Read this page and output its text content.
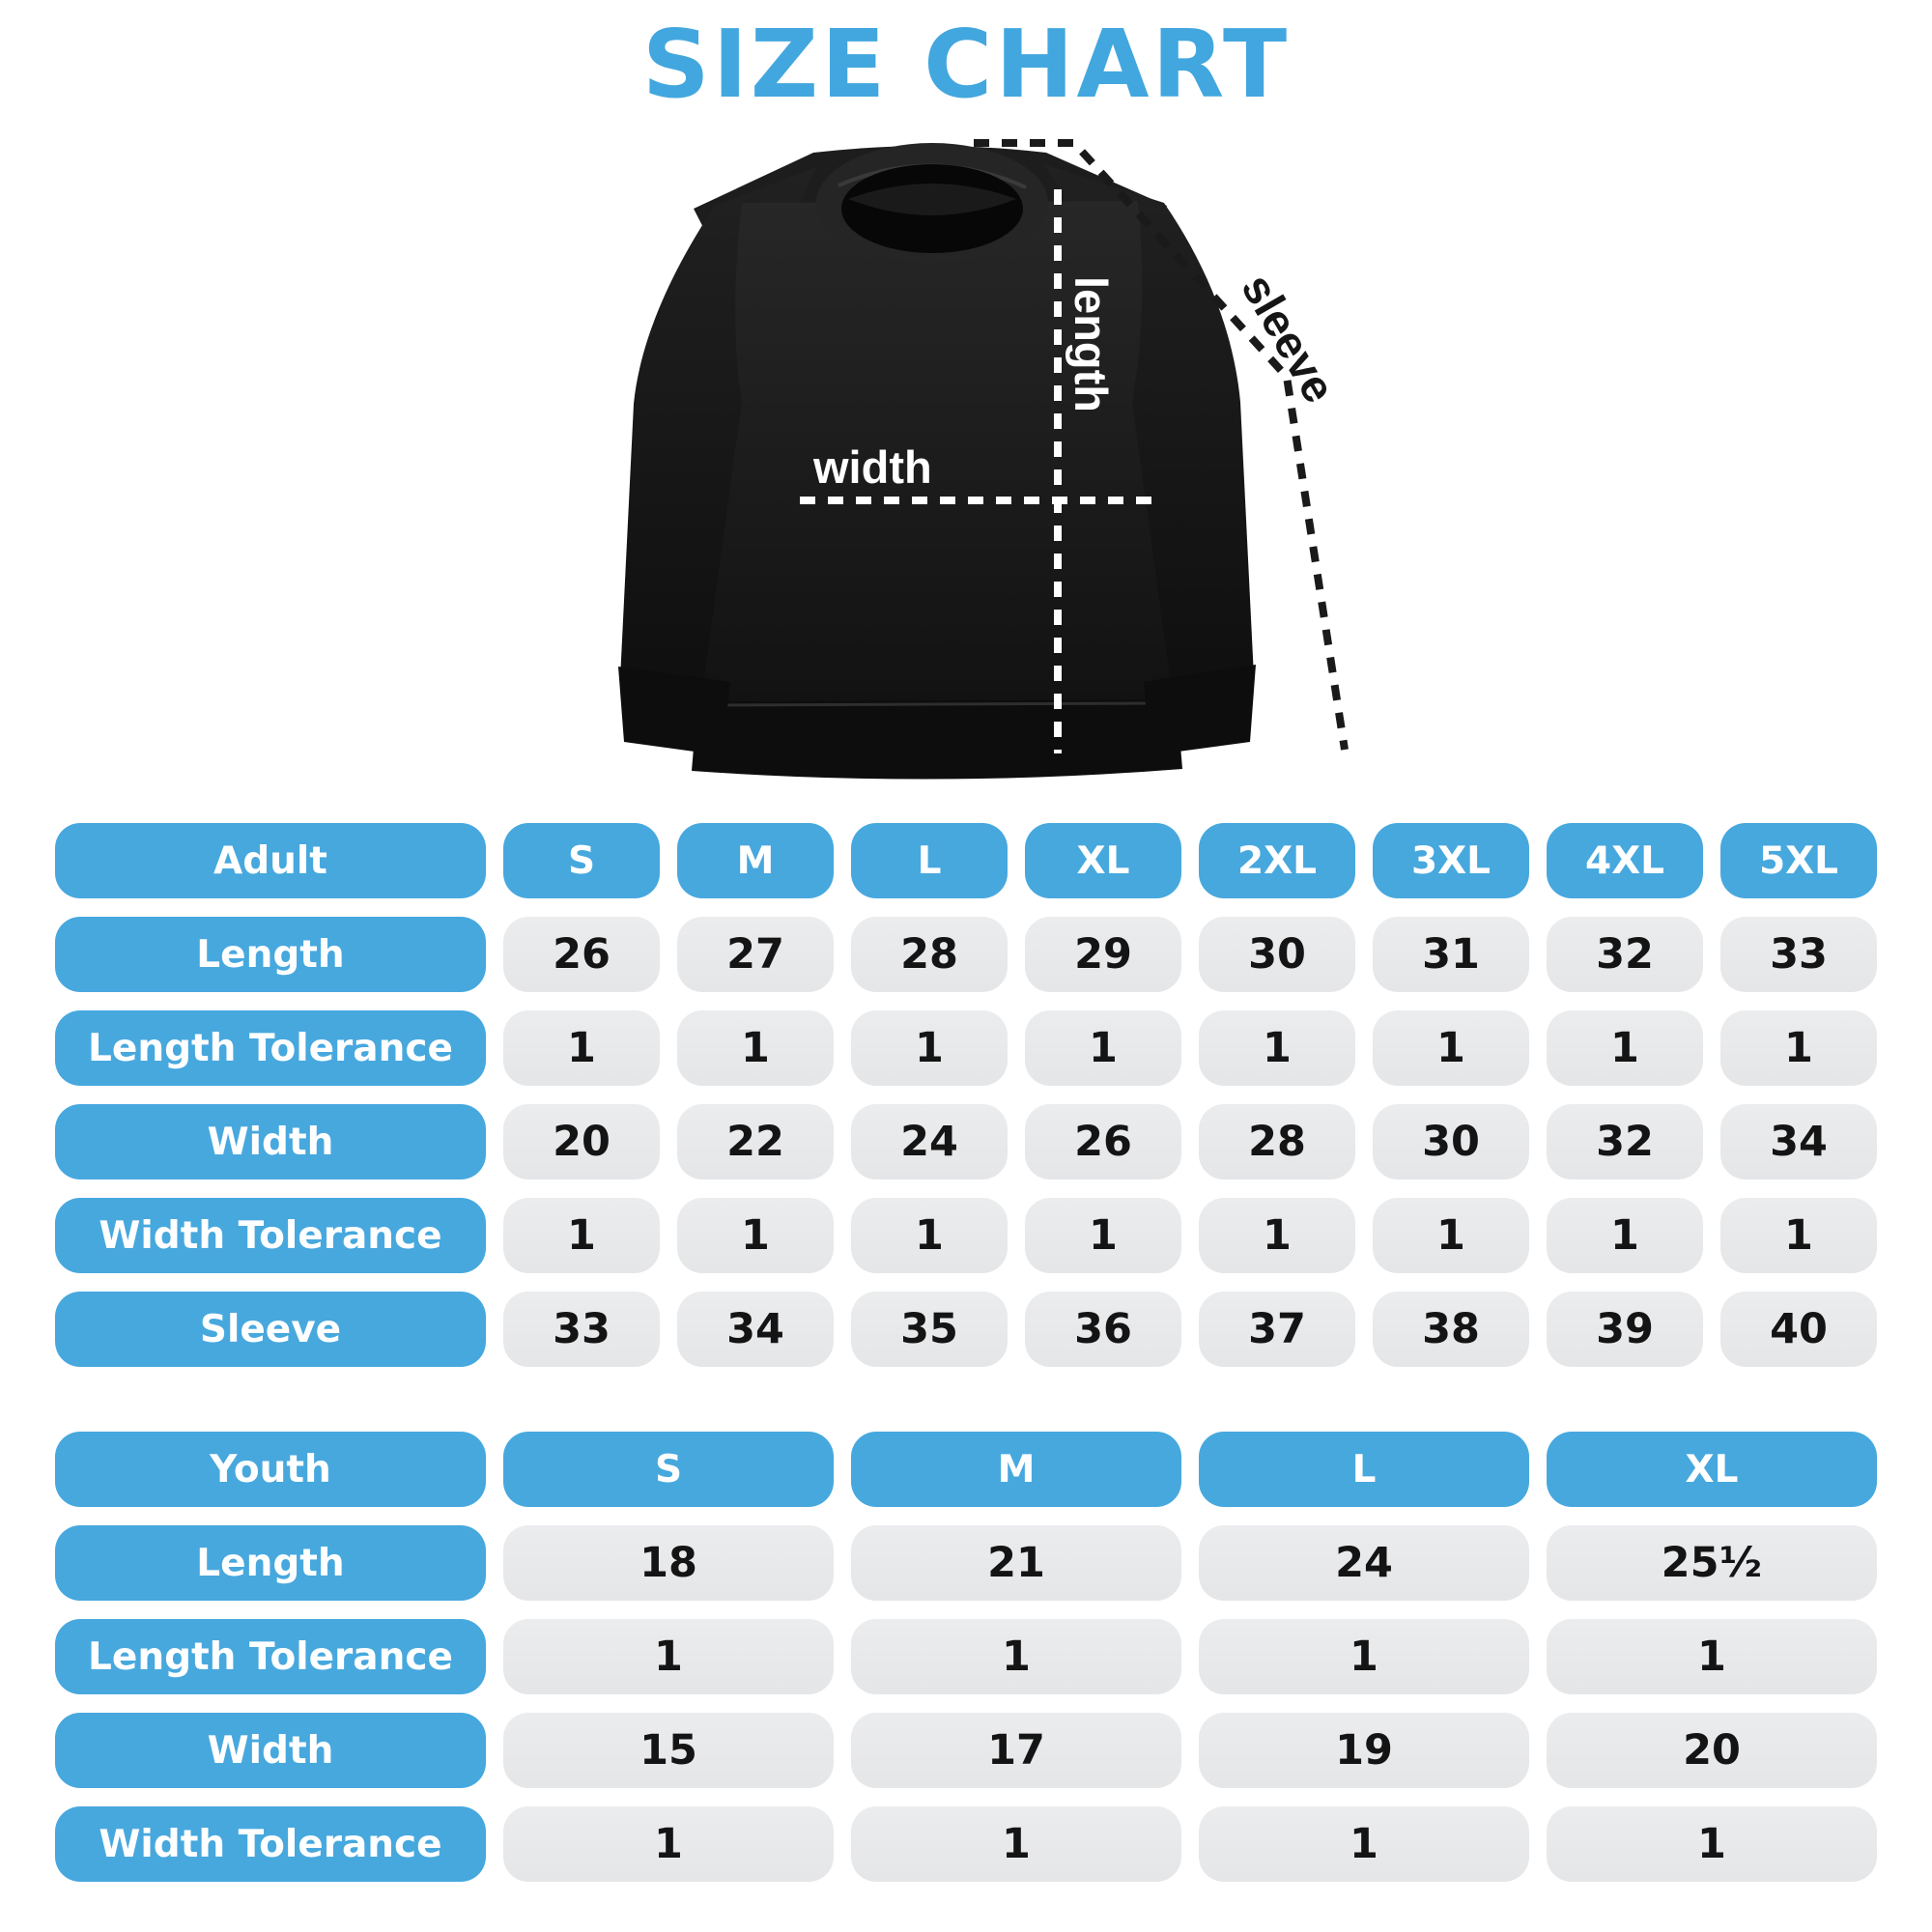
SIZE CHART
width
length	sleeve
Adult	S	M	L	XL	2XL	3XL	4XL	5XL
Length	26	27	28	29	30	31	32	33
Length Tolerance	1	1	1	1	1	1	1	1
Width	20	22	24	26	28	30	32	34
Width Tolerance	1	1	1	1	1	1	1	1
Sleeve	33	34	35	36	37	38	39	40
Youth	S	M	L	XL
Length	18	21	24	25¹⁄₂
Length Tolerance	1	1	1	1
Width	15	17	19	20
Width Tolerance	1	1	1	1
